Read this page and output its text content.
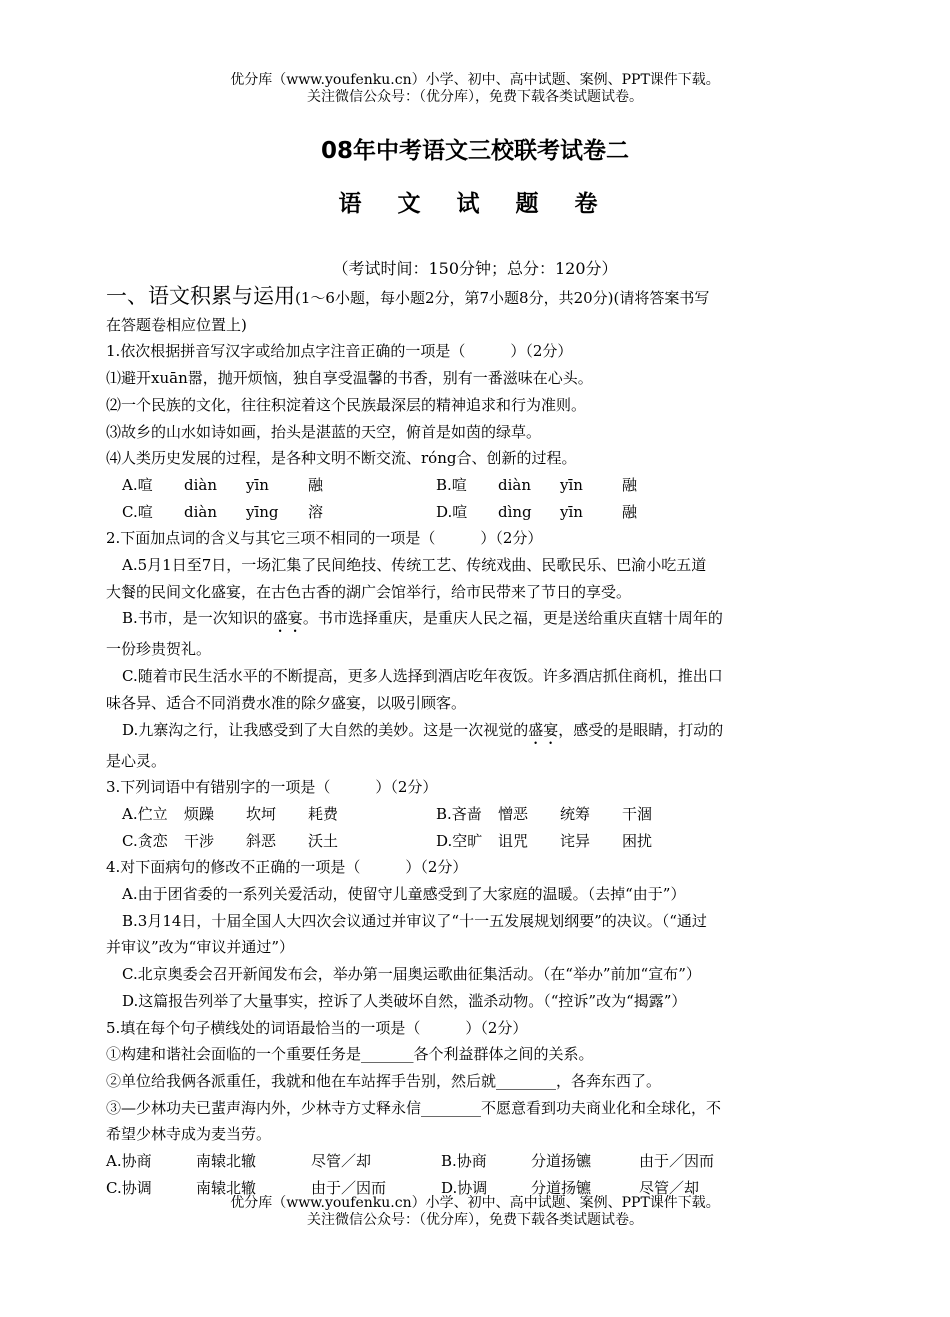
优分库（www.youfenku.cn）小学、初中、高中试题、案例、PPT课件下载。
关注微信公众号：（优分库），免费下载各类试题试卷。
08年中考语文三校联考试卷二
语 文 试 题 卷
（考试时间：150分钟；总分：120分）
一、语文积累与运用(1～6小题，每小题2分，第7小题8分，共20分)(请将答案书写
在答题卷相应位置上)
1.依次根据拼音写汉字或给加点字注音正确的一项是（　　　）（2分）
⑴避开xuān嚣，抛开烦恼，独自享受温馨的书香，别有一番滋味在心头。
⑵一个民族的文化，往往积淀着这个民族最深层的精神追求和行为准则。
⑶故乡的山水如诗如画，抬头是湛蓝的天空，俯首是如茵的绿草。
⑷人类历史发展的过程，是各种文明不断交流、róng合、创新的过程。
A.喧	diàn	yīn	融	B.喧	diàn	yīn	融
C.喧	diàn	yīng	溶	D.喧	dìng	yīn	融
2.下面加点词的含义与其它三项不相同的一项是（　　　）（2分）
A.5月1日至7日，一场汇集了民间绝技、传统工艺、传统戏曲、民歌民乐、巴渝小吃五道
大餐的民间文化盛宴，在古色古香的湖广会馆举行，给市民带来了节日的享受。
B.书市，是一次知识的盛宴。书市选择重庆，是重庆人民之福，更是送给重庆直辖十周年的
一份珍贵贺礼。
C.随着市民生活水平的不断提高，更多人选择到酒店吃年夜饭。许多酒店抓住商机，推出口
味各异、适合不同消费水准的除夕盛宴，以吸引顾客。
D.九寨沟之行，让我感受到了大自然的美妙。这是一次视觉的盛宴，感受的是眼睛，打动的
是心灵。
3.下列词语中有错别字的一项是（　　　）（2分）
A.伫立	烦躁	坎坷	耗费	B.吝啬	憎恶	统筹	干涸
C.贪恋	干涉	斜恶	沃土	D.空旷	诅咒	诧异	困扰
4.对下面病句的修改不正确的一项是（　　　）（2分）
A.由于团省委的一系列关爱活动，使留守儿童感受到了大家庭的温暖。（去掉“由于”）
B.3月14日，十届全国人大四次会议通过并审议了“十一五发展规划纲要”的决议。（“通过
并审议”改为“审议并通过”）
C.北京奥委会召开新闻发布会，举办第一届奥运歌曲征集活动。（在“举办”前加“宣布”）
D.这篇报告列举了大量事实，控诉了人类破坏自然，滥杀动物。（“控诉”改为“揭露”）
5.填在每个句子横线处的词语最恰当的一项是（　　　）（2分）
①构建和谐社会面临的一个重要任务是_______各个利益群体之间的关系。
②单位给我俩各派重任，我就和他在车站挥手告别，然后就________，各奔东西了。
③—少林功夫已蜚声海内外，少林寺方丈释永信________不愿意看到功夫商业化和全球化，不
希望少林寺成为麦当劳。
A.协商	南辕北辙	尽管／却	B.协商	分道扬镳	由于／因而
C.协调	南辕北辙	由于／因而	D.协调	分道扬镳	尽管／却
优分库（www.youfenku.cn）小学、初中、高中试题、案例、PPT课件下载。
关注微信公众号：（优分库），免费下载各类试题试卷。
